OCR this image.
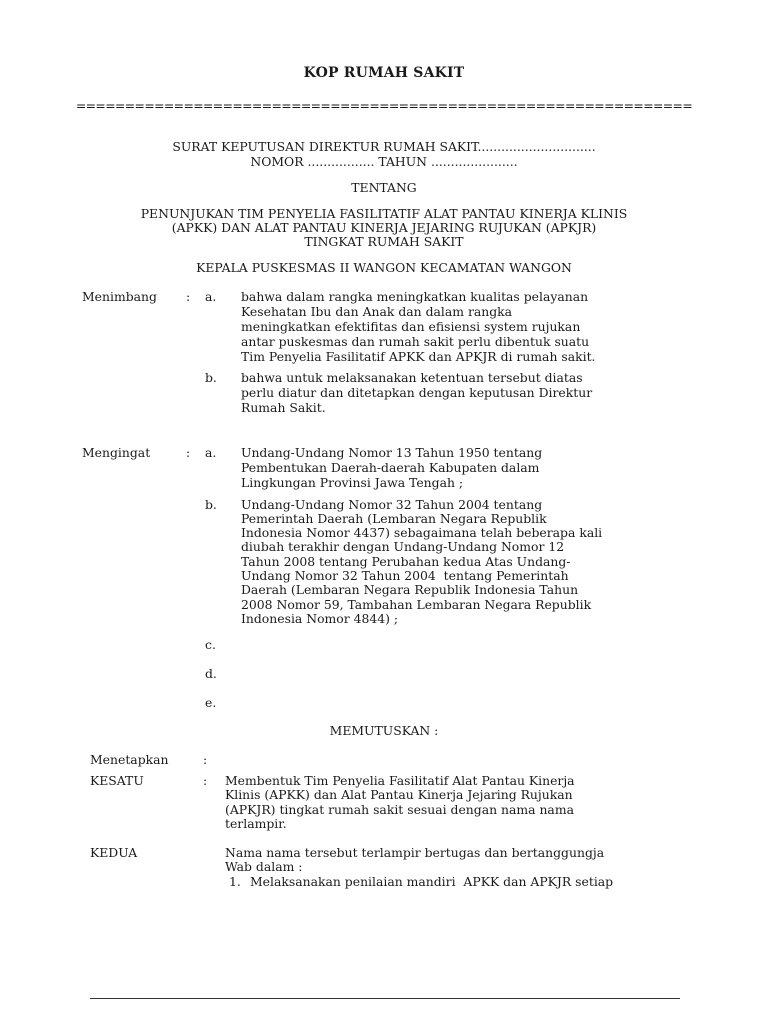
KOP RUMAH SAKIT
===============================================================
SURAT KEPUTUSAN DIREKTUR RUMAH SAKIT..............................
NOMOR ................. TAHUN ......................
TENTANG
PENUNJUKAN TIM PENYELIA FASILITATIF ALAT PANTAU KINERJA KLINIS
(APKK) DAN ALAT PANTAU KINERJA JEJARING RUJUKAN (APKJR)
TINGKAT RUMAH SAKIT
KEPALA PUSKESMAS II WANGON KECAMATAN WANGON
Menimbang : a. bahwa dalam rangka meningkatkan kualitas pelayanan
Kesehatan Ibu dan Anak dan dalam rangka
meningkatkan efektifitas dan efisiensi system rujukan
antar puskesmas dan rumah sakit perlu dibentuk suatu
Tim Penyelia Fasilitatif APKK dan APKJR di rumah sakit.
b. bahwa untuk melaksanakan ketentuan tersebut diatas
perlu diatur dan ditetapkan dengan keputusan Direktur
Rumah Sakit.
Mengingat	: a. Undang-Undang Nomor 13 Tahun 1950 tentang
Pembentukan Daerah-daerah Kabupaten dalam
Lingkungan Provinsi Jawa Tengah ;
b. Undang-Undang Nomor 32 Tahun 2004 tentang
Pemerintah Daerah (Lembaran Negara Republik
Indonesia Nomor 4437) sebagaimana telah beberapa kali
diubah terakhir dengan Undang-Undang Nomor 12
Tahun 2008 tentang Perubahan kedua Atas Undang-
Undang Nomor 32 Tahun 2004  tentang Pemerintah
Daerah (Lembaran Negara Republik Indonesia Tahun
2008 Nomor 59, Tambahan Lembaran Negara Republik
Indonesia Nomor 4844) ;
c.
d.
e.
MEMUTUSKAN :
Menetapkan	:
KESATU	: Membentuk Tim Penyelia Fasilitatif Alat Pantau Kinerja
Klinis (APKK) dan Alat Pantau Kinerja Jejaring Rujukan
(APKJR) tingkat rumah sakit sesuai dengan nama nama
terlampir.
KEDUA	Nama nama tersebut terlampir bertugas dan bertanggungja
Wab dalam :
1. Melaksanakan penilaian mandiri  APKK dan APKJR setiap
